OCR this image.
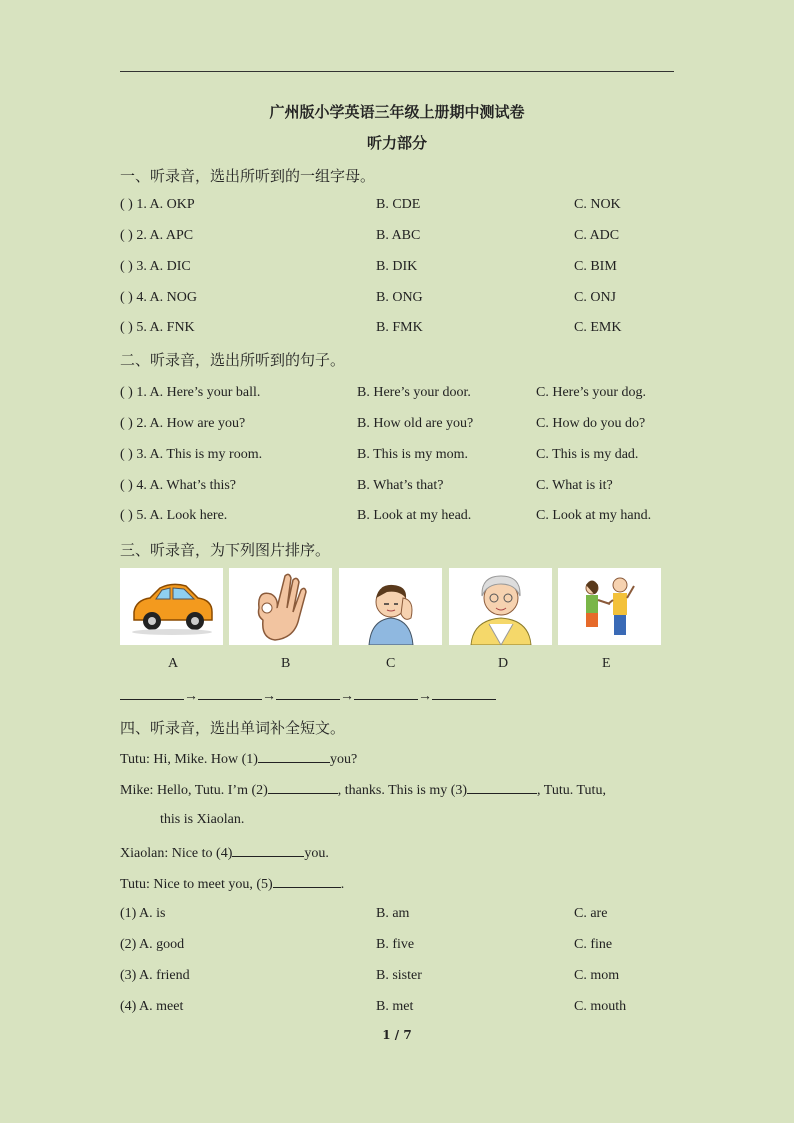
广州版小学英语三年级上册期中测试卷
听力部分
一、听录音，选出所听到的一组字母。
( ) 1. A. OKP	B. CDE	C. NOK
( ) 2. A. APC	B. ABC	C. ADC
( ) 3. A. DIC	B. DIK	C. BIM
( ) 4. A. NOG	B. ONG	C. ONJ
( ) 5. A. FNK	B. FMK	C. EMK
二、听录音，选出所听到的句子。
( ) 1. A. Here’s your ball.	B. Here’s your door.	C. Here’s your dog.
( ) 2. A. How are you?	B. How old are you?	C. How do you do?
( ) 3. A. This is my room.	B. This is my mom.	C. This is my dad.
( ) 4. A. What’s this?	B. What’s that?	C. What is it?
( ) 5. A. Look here.	B. Look at my head.	C. Look at my hand.
三、听录音，为下列图片排序。
A	B	C	D	E
→	→	→	→
四、听录音，选出单词补全短文。
Tutu: Hi, Mike. How (1)	you?
Mike: Hello, Tutu. I’m (2)	, thanks. This is my (3)	, Tutu. Tutu,
this is Xiaolan.
Xiaolan: Nice to (4)	you.
Tutu: Nice to meet you, (5)	.
(1) A. is	B. am	C. are
(2) A. good	B. five	C. fine
(3) A. friend	B. sister	C. mom
(4) A. meet	B. met	C. mouth
1 / 7
